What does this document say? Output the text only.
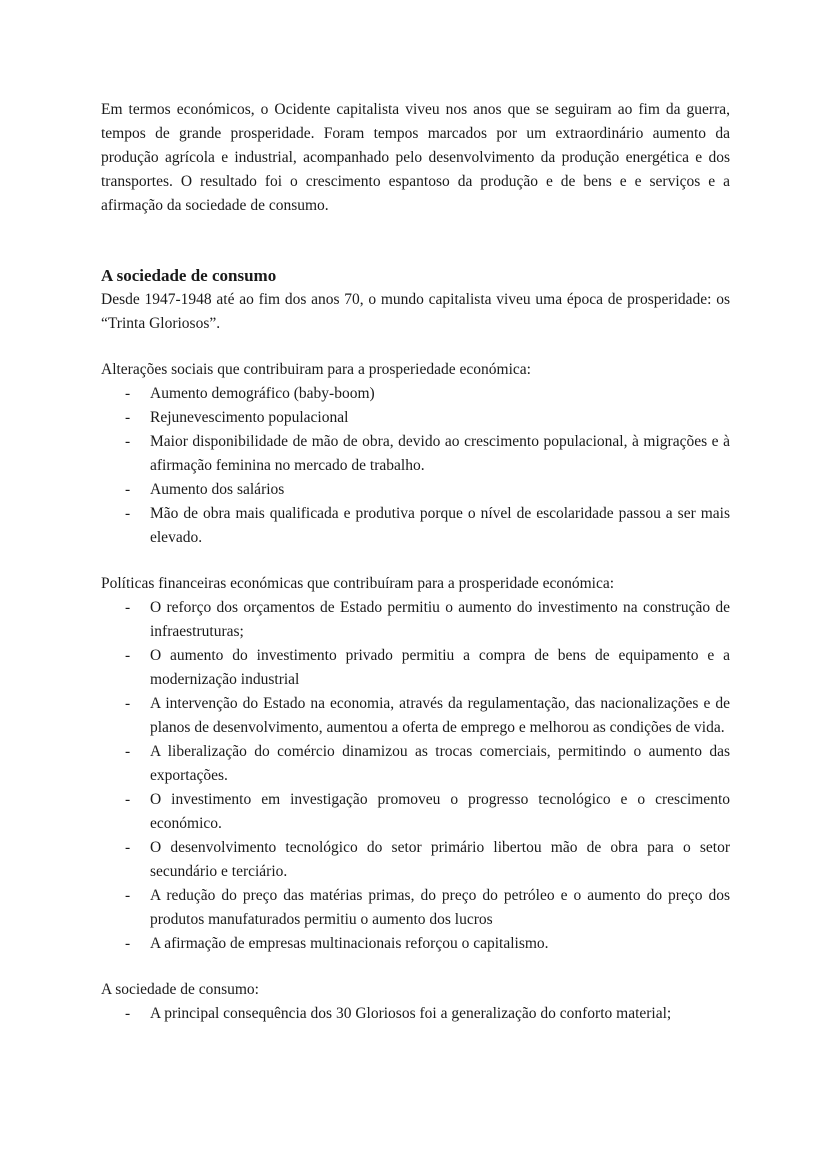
Em termos económicos, o Ocidente capitalista viveu nos anos que se seguiram ao fim da guerra, tempos de grande prosperidade. Foram tempos marcados por um extraordinário aumento da produção agrícola e industrial, acompanhado pelo desenvolvimento da produção energética e dos transportes. O resultado foi o crescimento espantoso da produção e de bens e e serviços e a afirmação da sociedade de consumo.

A sociedade de consumo

Desde 1947-1948 até ao fim dos anos 70, o mundo capitalista viveu uma época de prosperidade: os “Trinta Gloriosos”.

Alterações sociais que contribuiram para a prosperiedade económica:

- Aumento demográfico (baby-boom)
- Rejunevescimento populacional
- Maior disponibilidade de mão de obra, devido ao crescimento populacional, à migrações e à afirmação feminina no mercado de trabalho.
- Aumento dos salários
- Mão de obra mais qualificada e produtiva porque o nível de escolaridade passou a ser mais elevado.

Políticas financeiras económicas que contribuíram para a prosperidade económica:

- O reforço dos orçamentos de Estado permitiu o aumento do investimento na construção de infraestruturas;
- O aumento do investimento privado permitiu a compra de bens de equipamento e a modernização industrial
- A intervenção do Estado na economia, através da regulamentação, das nacionalizações e de planos de desenvolvimento, aumentou a oferta de emprego e melhorou as condições de vida.
- A liberalização do comércio dinamizou as trocas comerciais, permitindo o aumento das exportações.
- O investimento em investigação promoveu o progresso tecnológico e o crescimento económico.
- O desenvolvimento tecnológico do setor primário libertou mão de obra para o setor secundário e terciário.
- A redução do preço das matérias primas, do preço do petróleo e o aumento do preço dos produtos manufaturados permitiu o aumento dos lucros
- A afirmação de empresas multinacionais reforçou o capitalismo.

A sociedade de consumo:

- A principal consequência dos 30 Gloriosos foi a generalização do conforto material;
